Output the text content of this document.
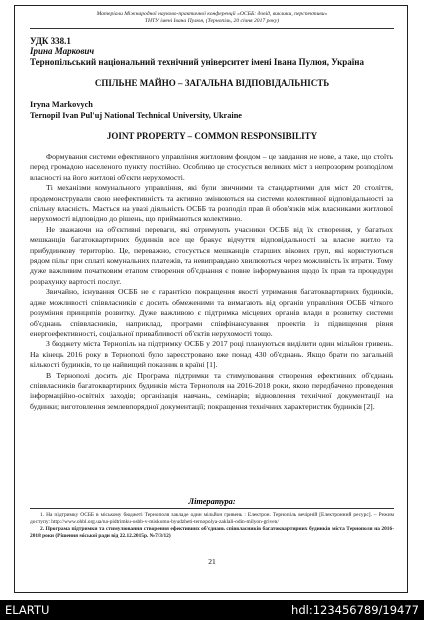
Матеріали Міжнародної науково-практичної конференції «ОСББ: довід, виклики, перспективи»
ТНТУ імені Івана Пулюя, (Тернопіль, 20 січня 2017 року)
УДК 338.1
Ірина Маркович
Тернопільський національний технічний університет імені Івана Пулюя, Україна
СПІЛЬНЕ МАЙНО – ЗАГАЛЬНА ВІДПОВІДАЛЬНІСТЬ
Iryna Markovych
Ternopil Ivan Pul'uj National Technical University, Ukraine
JOINT PROPERTY – COMMON RESPONSIBILITY

Формування системи ефективного управління житловим фондом – це завдання не нове, а таке, що стоїть перед громадою населеного пункту постійно. Особливо це стосується великих міст з непрозорим розподілом власності на його житлові об'єкти нерухомості.

Ті механізми комунального управління, які були звичними та стандартними для міст 20 століття, продемонстрували свою неефективність та активно змінюються на системи колективної відповідальності за спільну власність. Мається на увазі діяльність ОСББ та розподіл прав й обов'язків між власниками житлової нерухомості відповідно до рішень, що приймаються колективно.

Не зважаючи на об'єктивні переваги, які отримують учасники ОСББ від їх створення, у багатьох мешканців багатоквартирних будинків все ще бракує відчуття відповідальності за власне житло та прибудинкову територію. Це, переважно, стосується мешканців старших вікових груп, які користуються рядом пільг при сплаті комунальних платежів, та невиправдано хвилюються через можливість їх втрати. Тому дуже важливим початковим етапом створення об'єднання є повне інформування щодо їх прав та процедури розрахунку вартості послуг.

Звичайно, існування ОСББ не є гарантією покращення якості утримання багатоквартирних будинків, адже можливості співвласників є досить обмеженими та вимагають від органів управління ОСББ чіткого розуміння принципів розвитку. Дуже важливою є підтримка місцевих органів влади в розвитку системи об'єднань співвласників, наприклад, програми співфінансування проектів із підвищення рівня енергоефективності, соціальної привабливості об'єктів нерухомості тощо.

З бюджету міста Тернопіль на підтримку ОСББ у 2017 році плануються виділити один мільйон гривень. На кінець 2016 року в Тернополі було зареєстровано вже понад 430 об'єднань. Якщо брати по загальній кількості будинків, то це найвищий показник в країні [1].

В Тернополі досить діє Програма підтримки та стимулювання створення ефективних об'єднань співвласників багатоквартирних будинків міста Тернополя на 2016-2018 роки, якою передбачено проведення інформаційно-освітніх заходів; організація навчань, семінарів; відновлення технічної документації на будинки; виготовлення землевпорядної документації; покращення технічних характеристик будинків [2].

Література:

1. На підтримку ОСББ в міському бюджеті Тернополя закладе один мільйон гривень : Електрон. Тернопіль вечірній [Електронний ресурс]. – Режим доступу: http://www.ohbl.org.ua/na-pidtrimku-osbb-v-miskomu-byudzheti-ternopolya-zaklali-odin-milyon-griven/

2. Програма підтримки та стимулювання створення ефективних об'єднань співвласників багатоквартирних будинків міста Тернополя на 2016-2018 роки (Рішення міської ради від 22.12.2015р. №7/3/12)

21
ELARTU	hdl:123456789/19477
